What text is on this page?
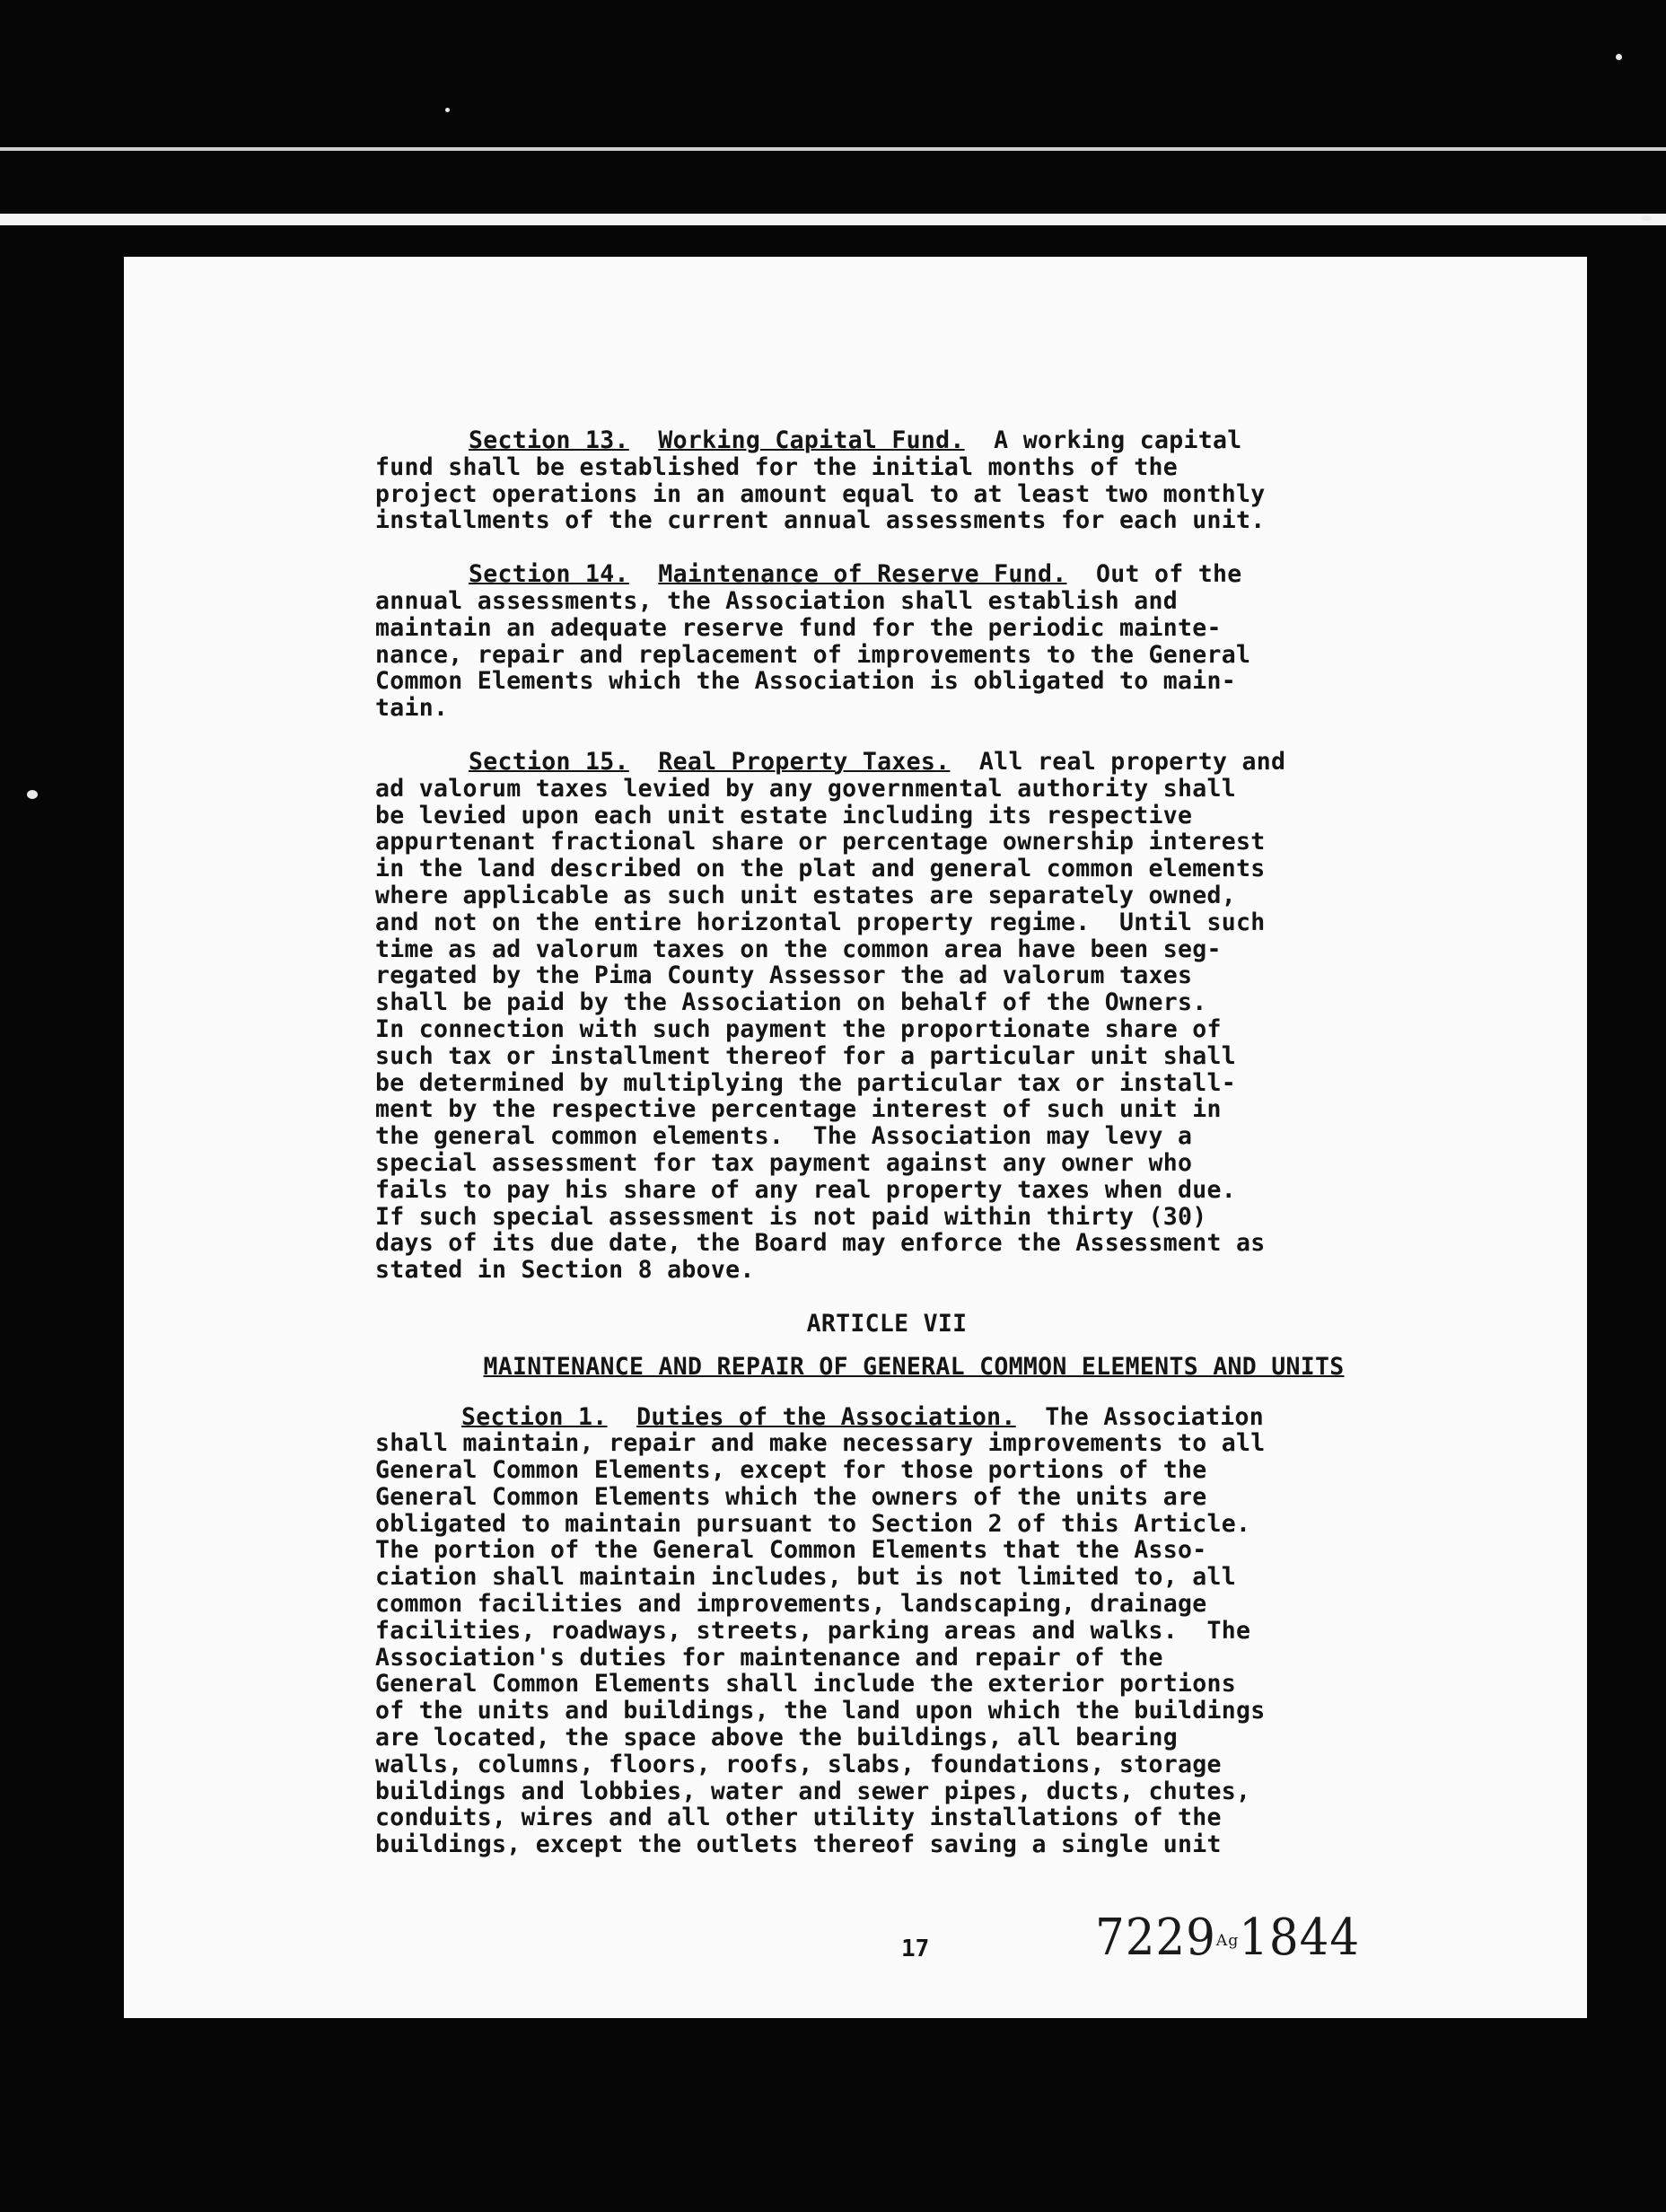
Section 13. Working Capital Fund.  A working capital
fund shall be established for the initial months of the
project operations in an amount equal to at least two monthly
installments of the current annual assessments for each unit.
Section 14. Maintenance of Reserve Fund.  Out of the
annual assessments, the Association shall establish and
maintain an adequate reserve fund for the periodic mainte-
nance, repair and replacement of improvements to the General
Common Elements which the Association is obligated to main-
tain.
Section 15. Real Property Taxes.  All real property and
ad valorum taxes levied by any governmental authority shall
be levied upon each unit estate including its respective
appurtenant fractional share or percentage ownership interest
in the land described on the plat and general common elements
where applicable as such unit estates are separately owned,
and not on the entire horizontal property regime.  Until such
time as ad valorum taxes on the common area have been seg-
regated by the Pima County Assessor the ad valorum taxes
shall be paid by the Association on behalf of the Owners.
In connection with such payment the proportionate share of
such tax or installment thereof for a particular unit shall
be determined by multiplying the particular tax or install-
ment by the respective percentage interest of such unit in
the general common elements.  The Association may levy a
special assessment for tax payment against any owner who
fails to pay his share of any real property taxes when due.
If such special assessment is not paid within thirty (30)
days of its due date, the Board may enforce the Assessment as
stated in Section 8 above.
ARTICLE VII
MAINTENANCE AND REPAIR OF GENERAL COMMON ELEMENTS AND UNITS
Section 1. Duties of the Association.  The Association
shall maintain, repair and make necessary improvements to all
General Common Elements, except for those portions of the
General Common Elements which the owners of the units are
obligated to maintain pursuant to Section 2 of this Article.
The portion of the General Common Elements that the Asso-
ciation shall maintain includes, but is not limited to, all
common facilities and improvements, landscaping, drainage
facilities, roadways, streets, parking areas and walks.  The
Association's duties for maintenance and repair of the
General Common Elements shall include the exterior portions
of the units and buildings, the land upon which the buildings
are located, the space above the buildings, all bearing
walls, columns, floors, roofs, slabs, foundations, storage
buildings and lobbies, water and sewer pipes, ducts, chutes,
conduits, wires and all other utility installations of the
buildings, except the outlets thereof saving a single unit
17	7229ᴬᵍ1844
